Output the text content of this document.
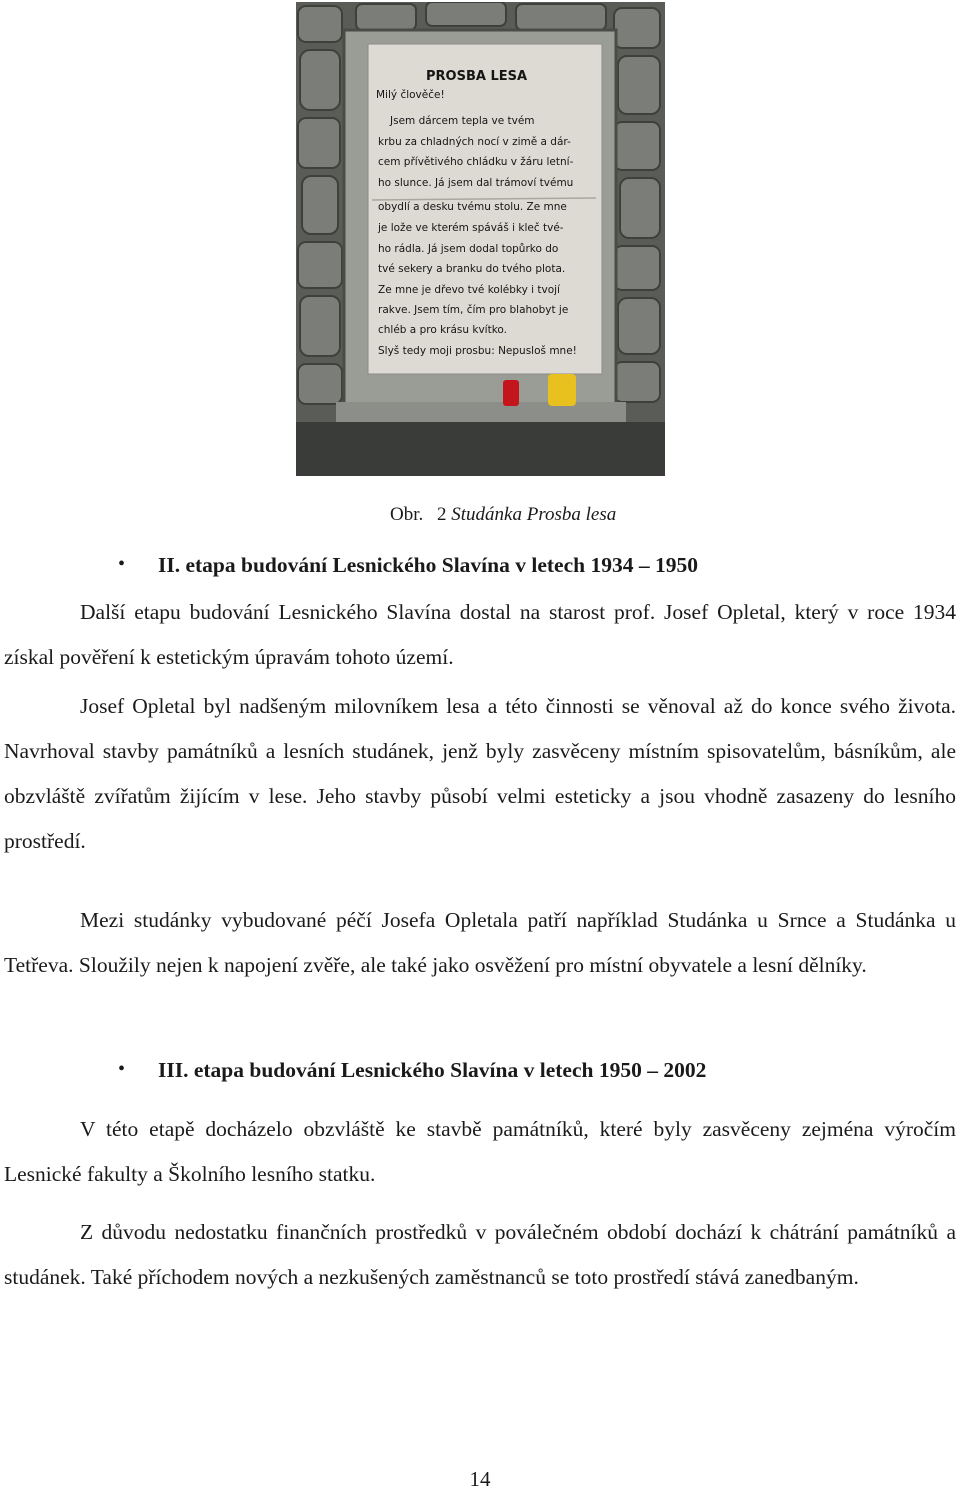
PROSBA LESA
Milý člověče!
Jsem dárcem tepla ve tvém
krbu za chladných nocí v zimě a dár-
cem přívětivého chládku v žáru letní-
ho slunce. Já jsem dal trámoví tvému
obydlí a desku tvému stolu. Ze mne
je lože ve kterém spáváš i kleč tvé-
ho rádla. Já jsem dodal topůrko do
tvé sekery a branku do tvého plota.
Ze mne je dřevo tvé kolébky i tvojí
rakve. Jsem tím, čím pro blahobyt je
chléb a pro krásu kvítko.
Slyš tedy moji prosbu: Nepusloš mne!
Obr. 2 Studánka Prosba lesa
• II. etapa budování Lesnického Slavína v letech 1934 – 1950

Další etapu budování Lesnického Slavína dostal na starost prof. Josef Opletal, který v roce 1934 získal pověření k estetickým úpravám tohoto území.

Josef Opletal byl nadšeným milovníkem lesa a této činnosti se věnoval až do konce svého života. Navrhoval stavby památníků a lesních studánek, jenž byly zasvěceny místním spisovatelům, básníkům, ale obzvláště zvířatům žijícím v lese. Jeho stavby působí velmi esteticky a jsou vhodně zasazeny do lesního prostředí.

Mezi studánky vybudované péčí Josefa Opletala patří například Studánka u Srnce a Studánka u Tetřeva. Sloužily nejen k napojení zvěře, ale také jako osvěžení pro místní obyvatele a lesní dělníky.

• III. etapa budování Lesnického Slavína v letech 1950 – 2002

V této etapě docházelo obzvláště ke stavbě památníků, které byly zasvěceny zejména výročím Lesnické fakulty a Školního lesního statku.

Z důvodu nedostatku finančních prostředků v poválečném období dochází k chátrání památníků a studánek. Také příchodem nových a nezkušených zaměstnanců se toto prostředí stává zanedbaným.

14
